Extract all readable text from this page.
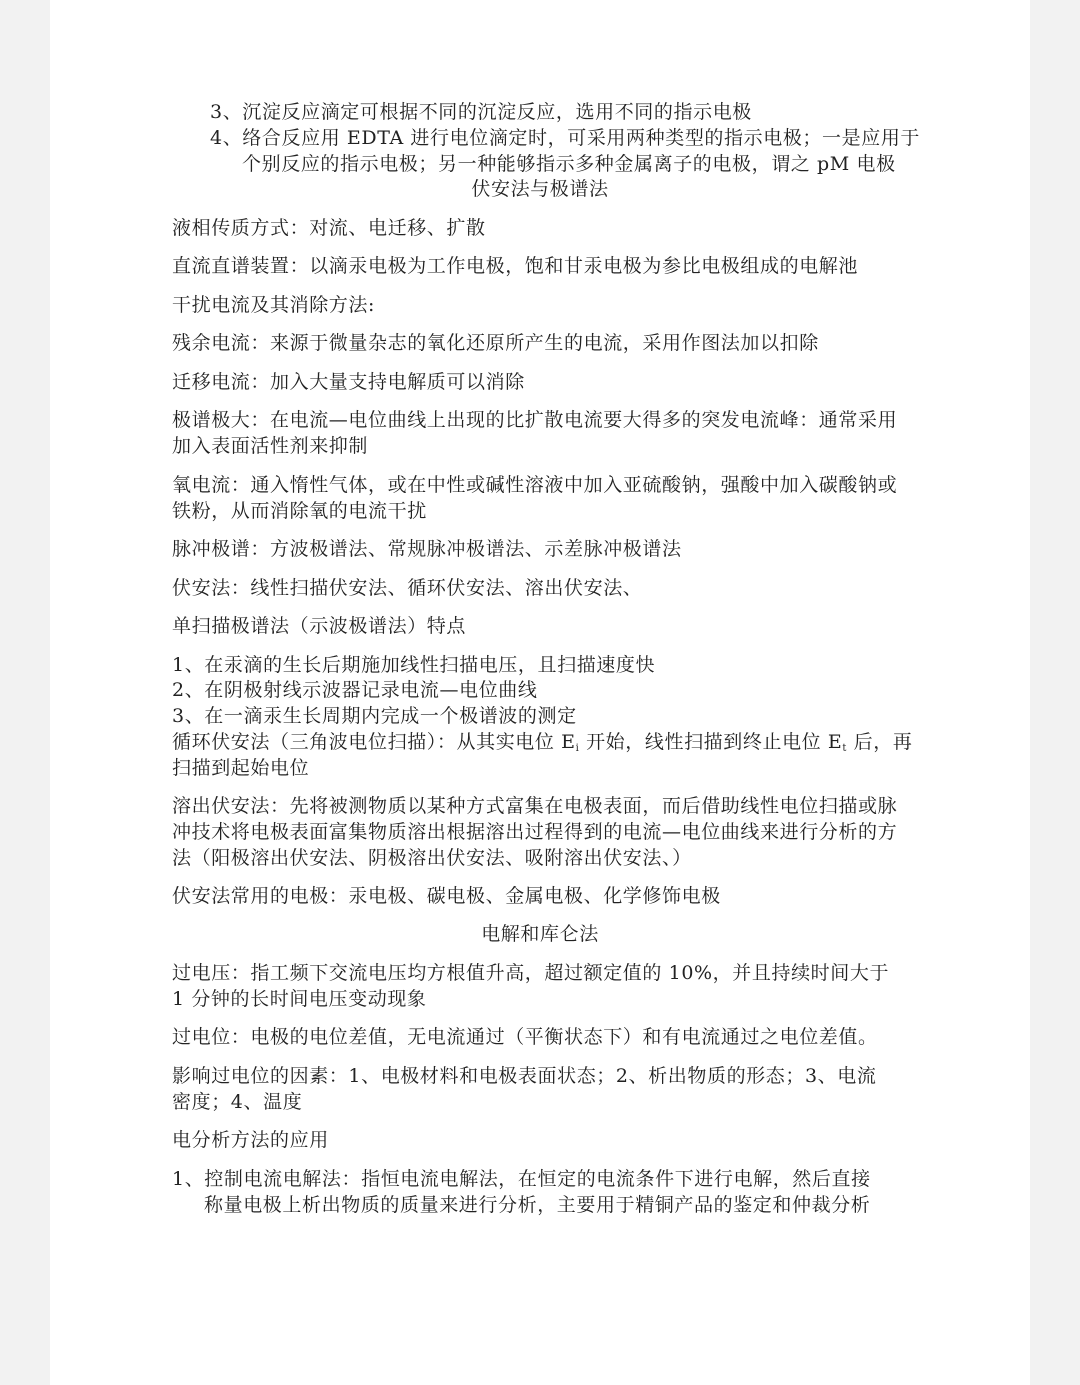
3、沉淀反应滴定可根据不同的沉淀反应，选用不同的指示电极
4、络合反应用 EDTA 进行电位滴定时，可采用两种类型的指示电极；一是应用于
个别反应的指示电极；另一种能够指示多种金属离子的电极，谓之 pM 电极
伏安法与极谱法
液相传质方式：对流、电迁移、扩散
直流直谱装置：以滴汞电极为工作电极，饱和甘汞电极为参比电极组成的电解池
干扰电流及其消除方法:
残余电流：来源于微量杂志的氧化还原所产生的电流，采用作图法加以扣除
迁移电流：加入大量支持电解质可以消除
极谱极大：在电流—电位曲线上出现的比扩散电流要大得多的突发电流峰：通常采用
加入表面活性剂来抑制
氧电流：通入惰性气体，或在中性或碱性溶液中加入亚硫酸钠，强酸中加入碳酸钠或
铁粉，从而消除氧的电流干扰
脉冲极谱：方波极谱法、常规脉冲极谱法、示差脉冲极谱法
伏安法：线性扫描伏安法、循环伏安法、溶出伏安法、
单扫描极谱法（示波极谱法）特点
1、在汞滴的生长后期施加线性扫描电压，且扫描速度快
2、在阴极射线示波器记录电流—电位曲线
3、在一滴汞生长周期内完成一个极谱波的测定
循环伏安法（三角波电位扫描）：从其实电位 $E_i$ 开始，线性扫描到终止电位 $E_t$ 后，再
扫描到起始电位
溶出伏安法：先将被测物质以某种方式富集在电极表面，而后借助线性电位扫描或脉
冲技术将电极表面富集物质溶出根据溶出过程得到的电流—电位曲线来进行分析的方
法（阳极溶出伏安法、阴极溶出伏安法、吸附溶出伏安法、）
伏安法常用的电极：汞电极、碳电极、金属电极、化学修饰电极
电解和库仑法
过电压：指工频下交流电压均方根值升高，超过额定值的 10%，并且持续时间大于
1 分钟的长时间电压变动现象
过电位：电极的电位差值，无电流通过（平衡状态下）和有电流通过之电位差值。
影响过电位的因素：1、电极材料和电极表面状态；2、析出物质的形态；3、电流
密度；4、温度
电分析方法的应用
1、控制电流电解法：指恒电流电解法，在恒定的电流条件下进行电解，然后直接
称量电极上析出物质的质量来进行分析，主要用于精铜产品的鉴定和仲裁分析
